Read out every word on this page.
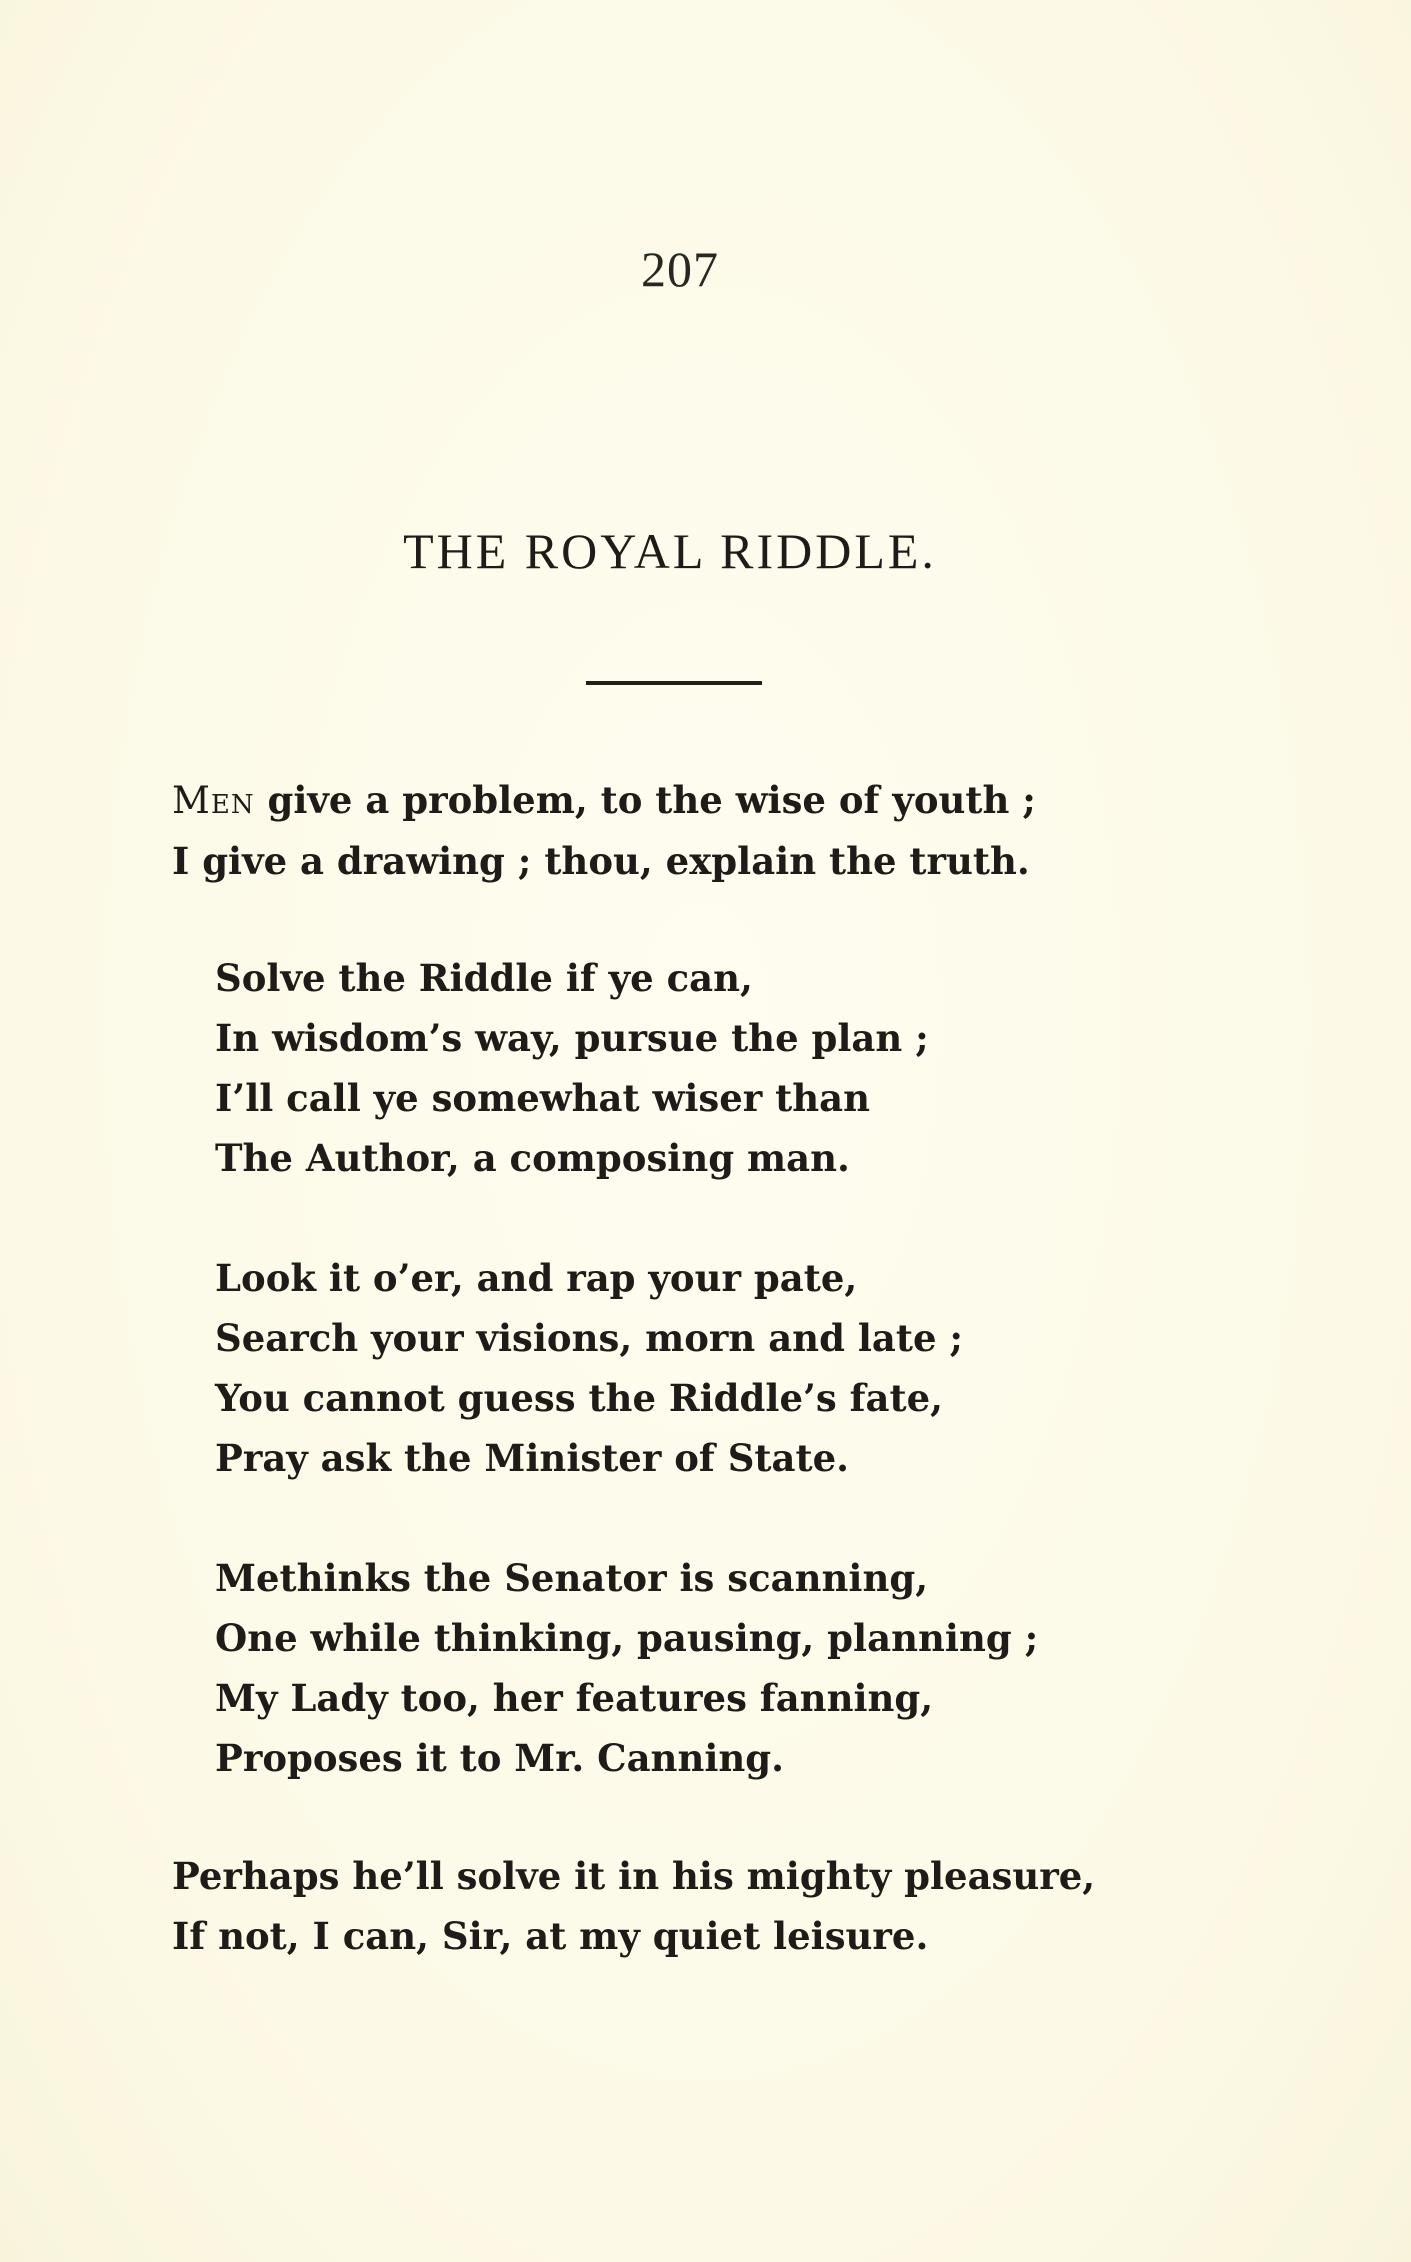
207
THE ROYAL RIDDLE.
Men give a problem, to the wise of youth ;
I give a drawing ; thou, explain the truth.
Solve the Riddle if ye can,
In wisdom’s way, pursue the plan ;
I’ll call ye somewhat wiser than
The Author, a composing man.
Look it o’er, and rap your pate,
Search your visions, morn and late ;
You cannot guess the Riddle’s fate,
Pray ask the Minister of State.
Methinks the Senator is scanning,
One while thinking, pausing, planning ;
My Lady too, her features fanning,
Proposes it to Mr. Canning.
Perhaps he’ll solve it in his mighty pleasure,
If not, I can, Sir, at my quiet leisure.
